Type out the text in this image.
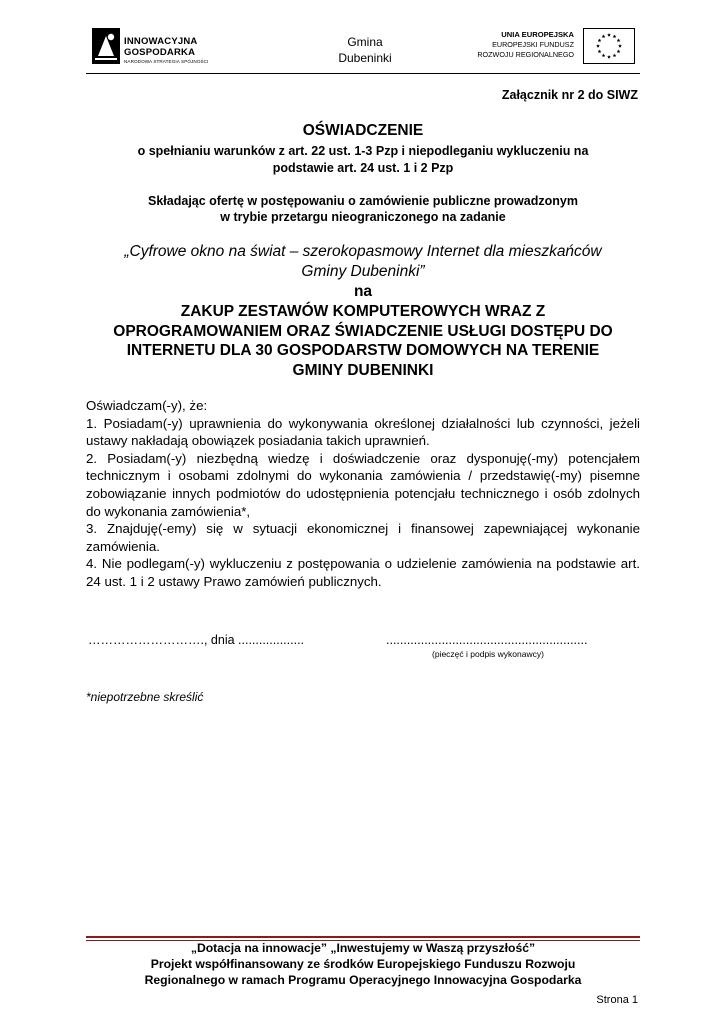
INNOWACYJNA
GOSPODARKA
NARODOWA STRATEGIA SPÓJNOŚCI
Gmina
Dubeninki
UNIA EUROPEJSKA
EUROPEJSKI FUNDUSZ
ROZWOJU REGIONALNEGO
Załącznik nr 2 do SIWZ
OŚWIADCZENIE
o spełnianiu warunków z art. 22 ust. 1-3 Pzp i niepodleganiu wykluczeniu na
podstawie art. 24 ust. 1 i 2 Pzp
Składając ofertę w postępowaniu o zamówienie publiczne prowadzonym
w trybie przetargu nieograniczonego na zadanie
„Cyfrowe okno na świat – szerokopasmowy Internet dla mieszkańców
Gminy Dubeninki”
na
ZAKUP ZESTAWÓW KOMPUTEROWYCH WRAZ Z
OPROGRAMOWANIEM ORAZ ŚWIADCZENIE USŁUGI DOSTĘPU DO
INTERNETU DLA 30 GOSPODARSTW DOMOWYCH NA TERENIE
GMINY DUBENINKI

Oświadczam(-y), że:

1. Posiadam(-y) uprawnienia do wykonywania określonej działalności lub czynności, jeżeli ustawy nakładają obowiązek posiadania takich uprawnień.

2. Posiadam(-y) niezbędną wiedzę i doświadczenie oraz dysponuję(-my) potencjałem technicznym i osobami zdolnymi do wykonania zamówienia / przedstawię(-my) pisemne zobowiązanie innych podmiotów do udostępnienia potencjału technicznego i osób zdolnych do wykonania zamówienia*,

3. Znajduję(-emy) się w sytuacji ekonomicznej i finansowej zapewniającej wykonanie zamówienia.

4. Nie podlegam(-y) wykluczeniu z postępowania o udzielenie zamówienia na podstawie art. 24 ust. 1 i 2 ustawy Prawo zamówień publicznych.

………………………., dnia ...................	..........................................................
(pieczęć i podpis wykonawcy)
*niepotrzebne skreślić
„Dotacja na innowacje” „Inwestujemy w Waszą przyszłość”
Projekt współfinansowany ze środków Europejskiego Funduszu Rozwoju
Regionalnego w ramach Programu Operacyjnego Innowacyjna Gospodarka
Strona 1
